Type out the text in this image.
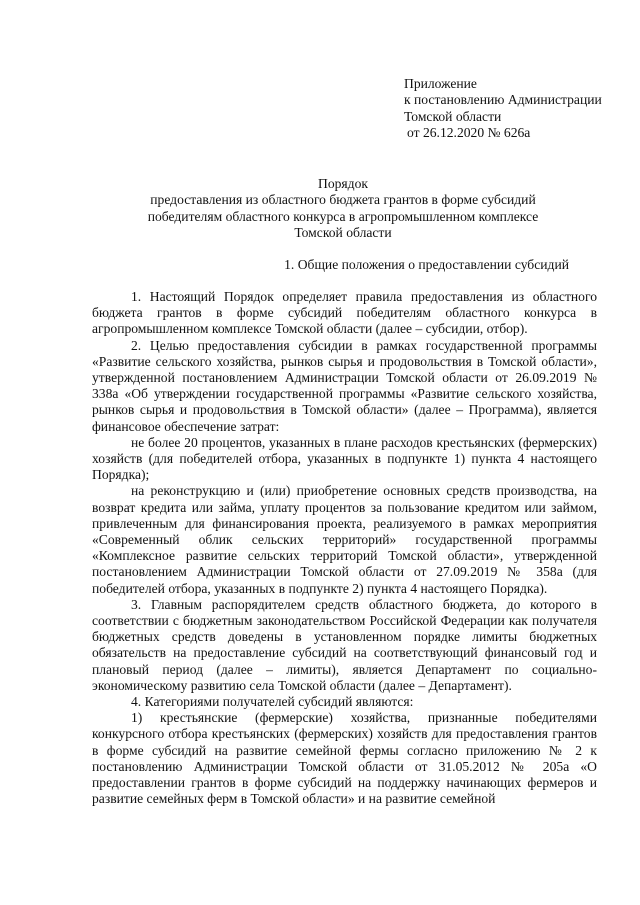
Приложение
к постановлению Администрации
Томской области
от 26.12.2020 № 626а
Порядок
предоставления из областного бюджета грантов в форме субсидий
победителям областного конкурса в агропромышленном комплексе
Томской области
1. Общие положения о предоставлении субсидий

1. Настоящий Порядок определяет правила предоставления из областного бюджета грантов в форме субсидий победителям областного конкурса в агропромышленном комплексе Томской области (далее – субсидии, отбор).

2. Целью предоставления субсидии в рамках государственной программы «Развитие сельского хозяйства, рынков сырья и продовольствия в Томской области», утвержденной постановлением Администрации Томской области от 26.09.2019 № 338а «Об утверждении государственной программы «Развитие сельского хозяйства, рынков сырья и продовольствия в Томской области» (далее – Программа), является финансовое обеспечение затрат:

не более 20 процентов, указанных в плане расходов крестьянских (фермерских) хозяйств (для победителей отбора, указанных в подпункте 1) пункта 4 настоящего Порядка);

на реконструкцию и (или) приобретение основных средств производства, на возврат кредита или займа, уплату процентов за пользование кредитом или займом, привлеченным для финансирования проекта, реализуемого в рамках мероприятия «Современный облик сельских территорий» государственной программы «Комплексное развитие сельских территорий Томской области», утвержденной постановлением Администрации Томской области от 27.09.2019 № 358а (для победителей отбора, указанных в подпункте 2) пункта 4 настоящего Порядка).

3. Главным распорядителем средств областного бюджета, до которого в соответствии с бюджетным законодательством Российской Федерации как получателя бюджетных средств доведены в установленном порядке лимиты бюджетных обязательств на предоставление субсидий на соответствующий финансовый год и плановый период (далее – лимиты), является Департамент по социально-экономическому развитию села Томской области (далее – Департамент).

4. Категориями получателей субсидий являются:

1) крестьянские (фермерские) хозяйства, признанные победителями конкурсного отбора крестьянских (фермерских) хозяйств для предоставления грантов в форме субсидий на развитие семейной фермы согласно приложению № 2 к постановлению Администрации Томской области от 31.05.2012 № 205а «О предоставлении грантов в форме субсидий на поддержку начинающих фермеров и развитие семейных ферм в Томской области» и на развитие семейной
